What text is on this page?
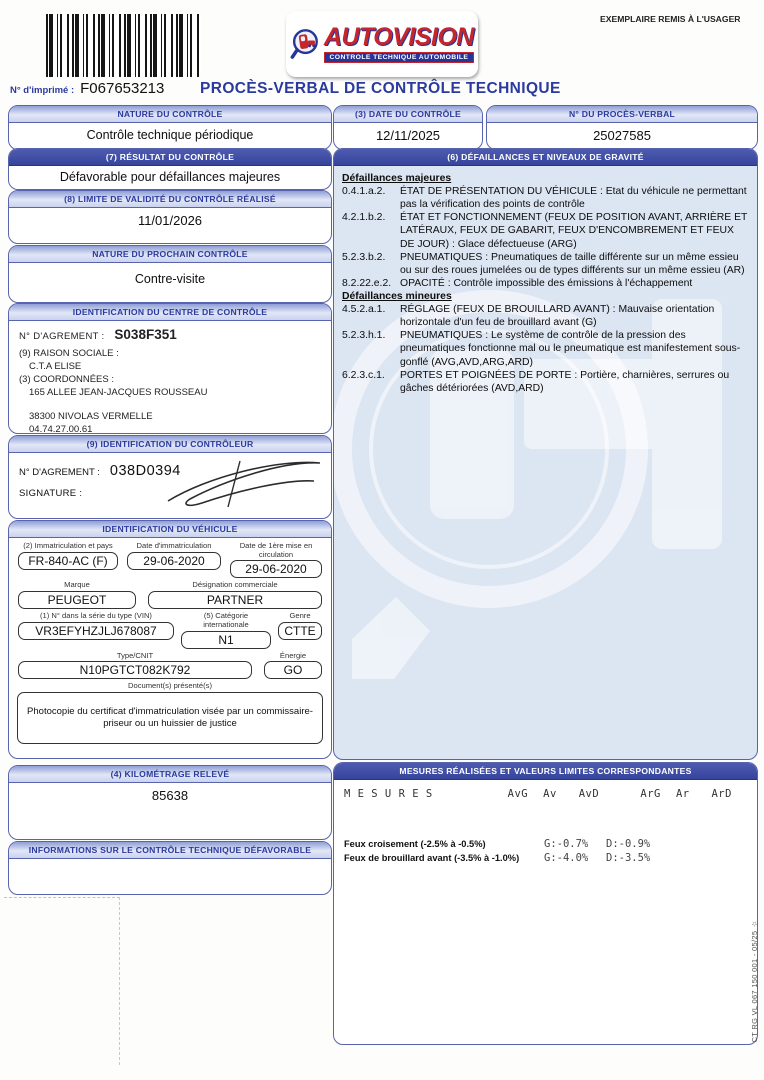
EXEMPLAIRE REMIS À L'USAGER
AUTOVISION
CONTROLE TECHNIQUE AUTOMOBILE
N° d'imprimé : F067653213 PROCÈS-VERBAL DE CONTRÔLE TECHNIQUE
NATURE DU CONTRÔLE
Contrôle technique périodique
(3) DATE DU CONTRÔLE
12/11/2025
N° DU PROCÈS-VERBAL
25027585
(7) RÉSULTAT DU CONTRÔLE
Défavorable pour défaillances majeures
(6) DÉFAILLANCES ET NIVEAUX DE GRAVITÉ
Défaillances majeures
0.4.1.a.2.	ÉTAT DE PRÉSENTATION DU VÉHICULE : Etat du véhicule ne permettant pas la vérification des points de contrôle
4.2.1.b.2.	ÉTAT ET FONCTIONNEMENT (FEUX DE POSITION AVANT, ARRIÈRE ET LATÉRAUX, FEUX DE GABARIT, FEUX D'ENCOMBREMENT ET FEUX DE JOUR) : Glace défectueuse (ARG)
5.2.3.b.2.	PNEUMATIQUES : Pneumatiques de taille différente sur un même essieu ou sur des roues jumelées ou de types différents sur un même essieu (AR)
8.2.22.e.2. OPACITÉ : Contrôle impossible des émissions à l'échappement
Défaillances mineures
4.5.2.a.1.	RÉGLAGE (FEUX DE BROUILLARD AVANT) : Mauvaise orientation horizontale d'un feu de brouillard avant (G)
5.2.3.h.1.	PNEUMATIQUES : Le système de contrôle de la pression des pneumatiques fonctionne mal ou le pneumatique est manifestement sous-gonflé (AVG,AVD,ARG,ARD)
6.2.3.c.1.	PORTES ET POIGNÉES DE PORTE : Portière, charnières, serrures ou gâches détériorées (AVD,ARD)
(8) LIMITE DE VALIDITÉ DU CONTRÔLE RÉALISÉ
11/01/2026
NATURE DU PROCHAIN CONTRÔLE
Contre-visite
IDENTIFICATION DU CENTRE DE CONTRÔLE
N° D'AGREMENT : S038F351
(9) RAISON SOCIALE :
C.T.A ELISE
(3) COORDONNÉES :
165 ALLEE JEAN-JACQUES ROUSSEAU
38300 NIVOLAS VERMELLE
04.74.27.00.61
(9) IDENTIFICATION DU CONTRÔLEUR
N° D'AGREMENT : 038D0394
SIGNATURE :
IDENTIFICATION DU VÉHICULE
(2) Immatriculation et pays
FR-840-AC (F)
Date d'immatriculation
29-06-2020
Date de 1ère mise en circulation
29-06-2020
Marque
PEUGEOT
Désignation commerciale
PARTNER
(1) N° dans la série du type (VIN)
VR3EFYHZJLJ678087
(5) Catégorie internationale
N1
Genre
CTTE
Type/CNIT
N10PGTCT082K792
Énergie
GO
Document(s) présenté(s)
Photocopie du certificat d'immatriculation visée par un commissaire-priseur ou un huissier de justice
(4) KILOMÉTRAGE RELEVÉ
85638
INFORMATIONS SUR LE CONTRÔLE TECHNIQUE DÉFAVORABLE
MESURES RÉALISÉES ET VALEURS LIMITES CORRESPONDANTES
M E S U R E S	AvG	Av	AvD	ArG	Ar	ArD
Feux croisement (-2.5% à -0.5%)	G:-0.7%	D:-0.9%
Feux de brouillard avant (-3.5% à -1.0%)	G:-4.0%	D:-3.5%
CT RG VL 067 150 001 - 05/25 ☆
